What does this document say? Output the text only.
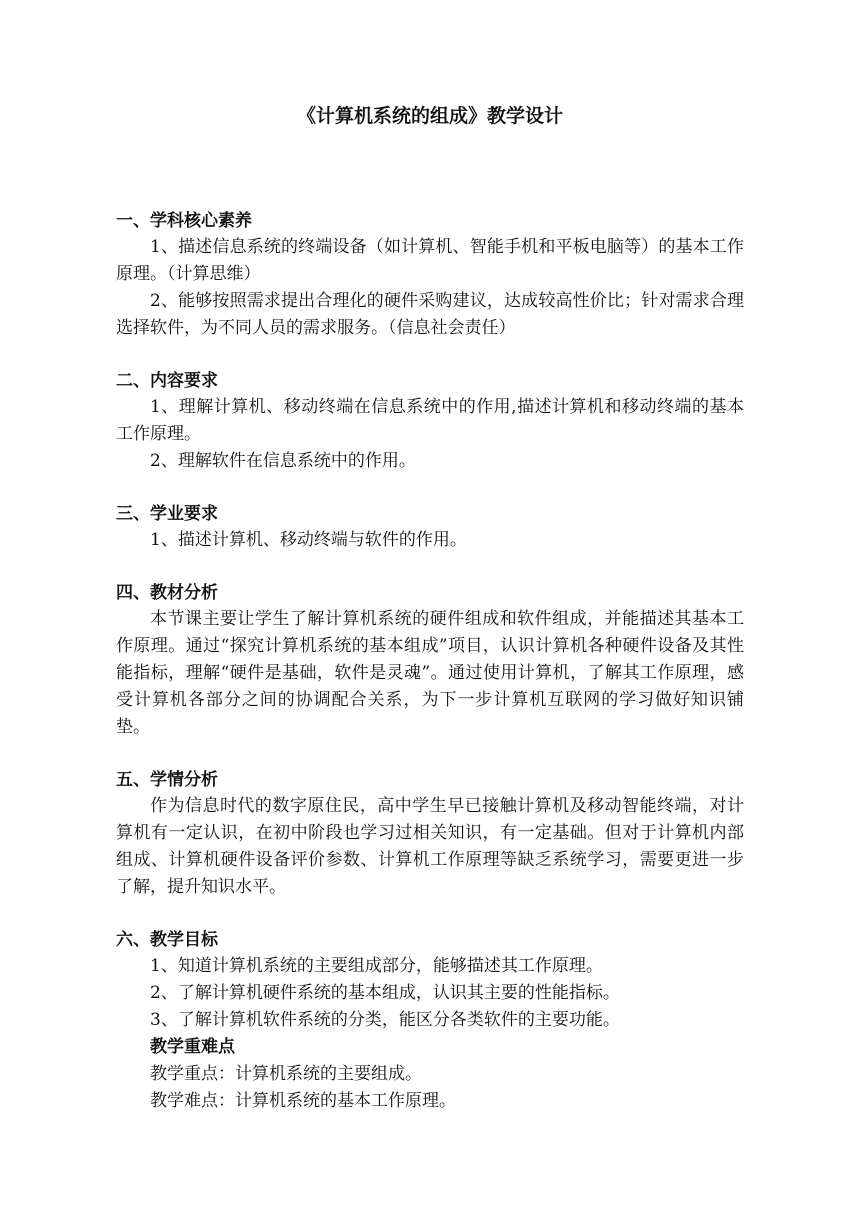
《计算机系统的组成》教学设计

一、学科核心素养

1、描述信息系统的终端设备（如计算机、智能手机和平板电脑等）的基本工作原理。（计算思维）

2、能够按照需求提出合理化的硬件采购建议，达成较高性价比；针对需求合理选择软件，为不同人员的需求服务。（信息社会责任）

二、内容要求

1、理解计算机、移动终端在信息系统中的作用,描述计算机和移动终端的基本工作原理。

2、理解软件在信息系统中的作用。

三、学业要求

1、描述计算机、移动终端与软件的作用。

四、教材分析

本节课主要让学生了解计算机系统的硬件组成和软件组成，并能描述其基本工作原理。通过“探究计算机系统的基本组成”项目，认识计算机各种硬件设备及其性能指标，理解“硬件是基础，软件是灵魂”。通过使用计算机，了解其工作原理，感受计算机各部分之间的协调配合关系，为下一步计算机互联网的学习做好知识铺垫。

五、学情分析

作为信息时代的数字原住民，高中学生早已接触计算机及移动智能终端，对计算机有一定认识，在初中阶段也学习过相关知识，有一定基础。但对于计算机内部组成、计算机硬件设备评价参数、计算机工作原理等缺乏系统学习，需要更进一步了解，提升知识水平。

六、教学目标

1、知道计算机系统的主要组成部分，能够描述其工作原理。

2、了解计算机硬件系统的基本组成，认识其主要的性能指标。

3、了解计算机软件系统的分类，能区分各类软件的主要功能。

教学重难点

教学重点：计算机系统的主要组成。

教学难点：计算机系统的基本工作原理。
